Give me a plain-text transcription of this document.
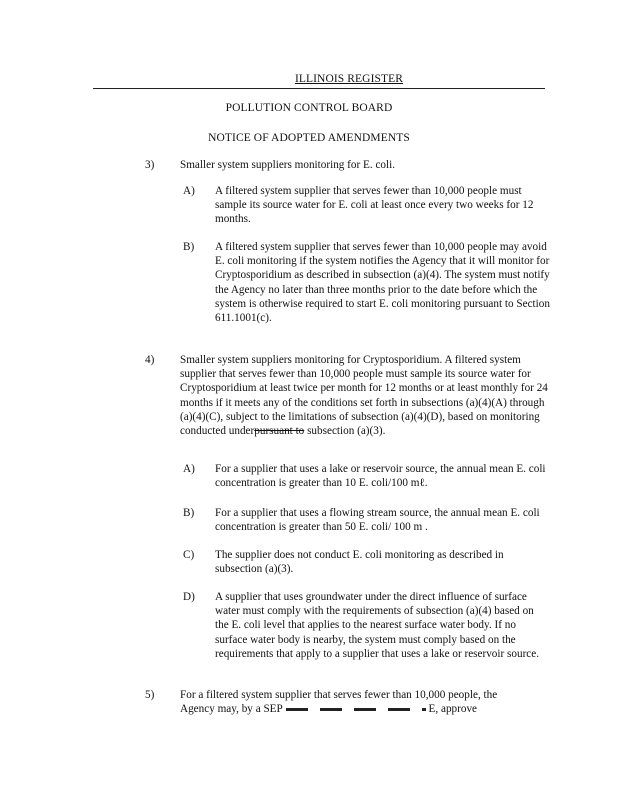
ILLINOIS REGISTER
POLLUTION CONTROL BOARD
NOTICE OF ADOPTED AMENDMENTS
3) Smaller system suppliers monitoring for E. coli.
A) A filtered system supplier that serves fewer than 10,000 people must sample its source water for E. coli at least once every two weeks for 12 months.
B) A filtered system supplier that serves fewer than 10,000 people may avoid E. coli monitoring if the system notifies the Agency that it will monitor for Cryptosporidium as described in subsection (a)(4). The system must notify the Agency no later than three months prior to the date before which the system is otherwise required to start E. coli monitoring pursuant to Section 611.1001(c).
4) Smaller system suppliers monitoring for Cryptosporidium. A filtered system supplier that serves fewer than 10,000 people must sample its source water for Cryptosporidium at least twice per month for 12 months or at least monthly for 24 months if it meets any of the conditions set forth in subsections (a)(4)(A) through (a)(4)(C), subject to the limitations of subsection (a)(4)(D), based on monitoring conducted underpursuant to subsection (a)(3).
A) For a supplier that uses a lake or reservoir source, the annual mean E. coli concentration is greater than 10 E. coli/100 mℓ.
B) For a supplier that uses a flowing stream source, the annual mean E. coli concentration is greater than 50 E. coli/ 100 m .
C) The supplier does not conduct E. coli monitoring as described in subsection (a)(3).
D) A supplier that uses groundwater under the direct influence of surface water must comply with the requirements of subsection (a)(4) based on the E. coli level that applies to the nearest surface water body. If no surface water body is nearby, the system must comply based on the requirements that apply to a supplier that uses a lake or reservoir source.
5) For a filtered system supplier that serves fewer than 10,000 people, the
Agency may, by a SEP	E, approve
